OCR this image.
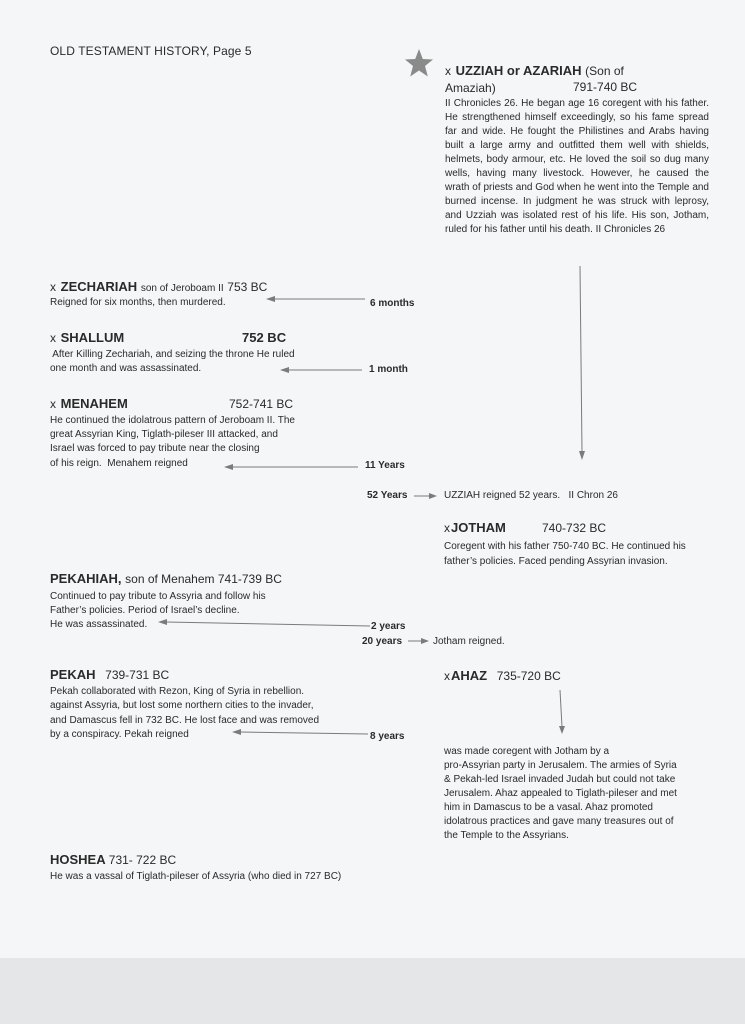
OLD TESTAMENT HISTORY, Page 5
x UZZIAH or AZARIAH (Son of
Amaziah)	791-740 BC
II Chronicles 26. He began age 16 coregent with his father. He strengthened himself exceedingly, so his fame spread far and wide. He fought the Philistines and Arabs having built a large army and outfitted them well with shields, helmets, body armour, etc. He loved the soil so dug many wells, having many livestock. However, he caused the wrath of priests and God when he went into the Temple and burned incense. In judgment he was struck with leprosy, and Uzziah was isolated rest of his life. His son, Jotham, ruled for his father until his death. II Chronicles 26
x ZECHARIAH son of Jeroboam II 753 BC
Reigned for six months, then murdered.	6 months
x SHALLUM	752 BC
After Killing Zechariah, and seizing the throne He ruled
one month and was assassinated.	1 month
x MENAHEM	752-741 BC
He continued the idolatrous pattern of Jeroboam II. The
great Assyrian King, Tiglath-pileser III attacked, and
Israel was forced to pay tribute near the closing
of his reign.  Menahem reigned	11 Years
52 Years	UZZIAH reigned 52 years.   II Chron 26
xJOTHAM	740-732 BC
Coregent with his father 750-740 BC. He continued his
father’s policies. Faced pending Assyrian invasion.
PEKAHIAH, son of Menahem 741-739 BC
Continued to pay tribute to Assyria and follow his
Father’s policies. Period of Israel’s decline.
He was assassinated.	2 years
20 years	Jotham reigned.
PEKAH 739-731 BC
Pekah collaborated with Rezon, King of Syria in rebellion.
against Assyria, but lost some northern cities to the invader,
and Damascus fell in 732 BC. He lost face and was removed
by a conspiracy. Pekah reigned	8 years
xAHAZ 735-720 BC
was made coregent with Jotham by a
pro-Assyrian party in Jerusalem. The armies of Syria
& Pekah-led Israel invaded Judah but could not take
Jerusalem. Ahaz appealed to Tiglath-pileser and met
him in Damascus to be a vasal. Ahaz promoted
idolatrous practices and gave many treasures out of
the Temple to the Assyrians.
HOSHEA 731- 722 BC
He was a vassal of Tiglath-pileser of Assyria (who died in 727 BC)
